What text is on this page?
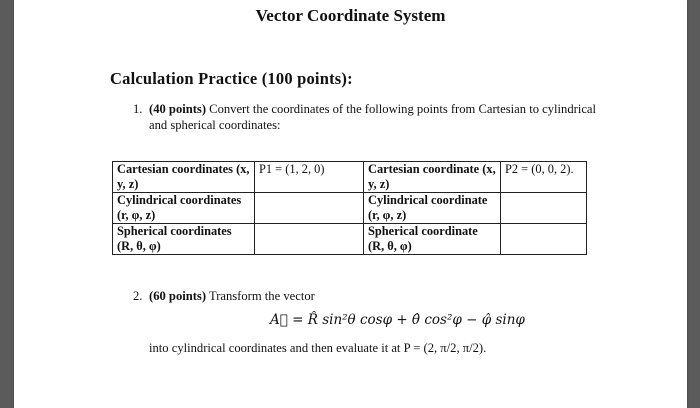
Vector Coordinate System
Calculation Practice (100 points):
1. (40 points) Convert the coordinates of the following points from Cartesian to cylindrical and spherical coordinates:
Cartesian coordinates (x, y, z)	P1 = (1, 2, 0)	Cartesian coordinate (x, y, z)	P2 = (0, 0, 2).
Cylindrical coordinates (r, φ, z)		Cylindrical coordinate (r, φ, z)	
Spherical coordinates (R, θ, φ)		Spherical coordinate (R, θ, φ)	
2. (60 points) Transform the vector
A⃗ = R̂ sin²θ cosφ + θ̂ cos²φ − φ̂ sinφ
into cylindrical coordinates and then evaluate it at P = (2, π/2, π/2).
